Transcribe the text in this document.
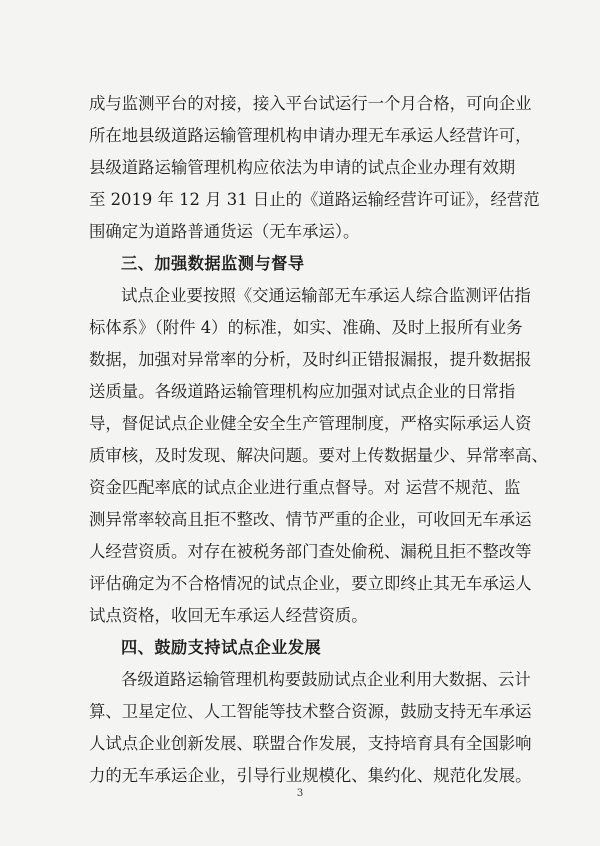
成与监测平台的对接，接入平台试运行一个月合格，可向企业
所在地县级道路运输管理机构申请办理无车承运人经营许可，
县级道路运输管理机构应依法为申请的试点企业办理有效期
至 2019 年 12 月 31 日止的《道路运输经营许可证》，经营范
围确定为道路普通货运（无车承运）。
三、加强数据监测与督导
试点企业要按照《交通运输部无车承运人综合监测评估指
标体系》（附件 4）的标准，如实、准确、及时上报所有业务
数据，加强对异常率的分析，及时纠正错报漏报，提升数据报
送质量。各级道路运输管理机构应加强对试点企业的日常指
导，督促试点企业健全安全生产管理制度，严格实际承运人资
质审核，及时发现、解决问题。要对上传数据量少、异常率高、
资金匹配率底的试点企业进行重点督导。对 运营不规范、监
测异常率较高且拒不整改、情节严重的企业，可收回无车承运
人经营资质。对存在被税务部门查处偷税、漏税且拒不整改等
评估确定为不合格情况的试点企业，要立即终止其无车承运人
试点资格，收回无车承运人经营资质。
四、鼓励支持试点企业发展
各级道路运输管理机构要鼓励试点企业利用大数据、云计
算、卫星定位、人工智能等技术整合资源，鼓励支持无车承运
人试点企业创新发展、联盟合作发展，支持培育具有全国影响
力的无车承运企业，引导行业规模化、集约化、规范化发展。
3
